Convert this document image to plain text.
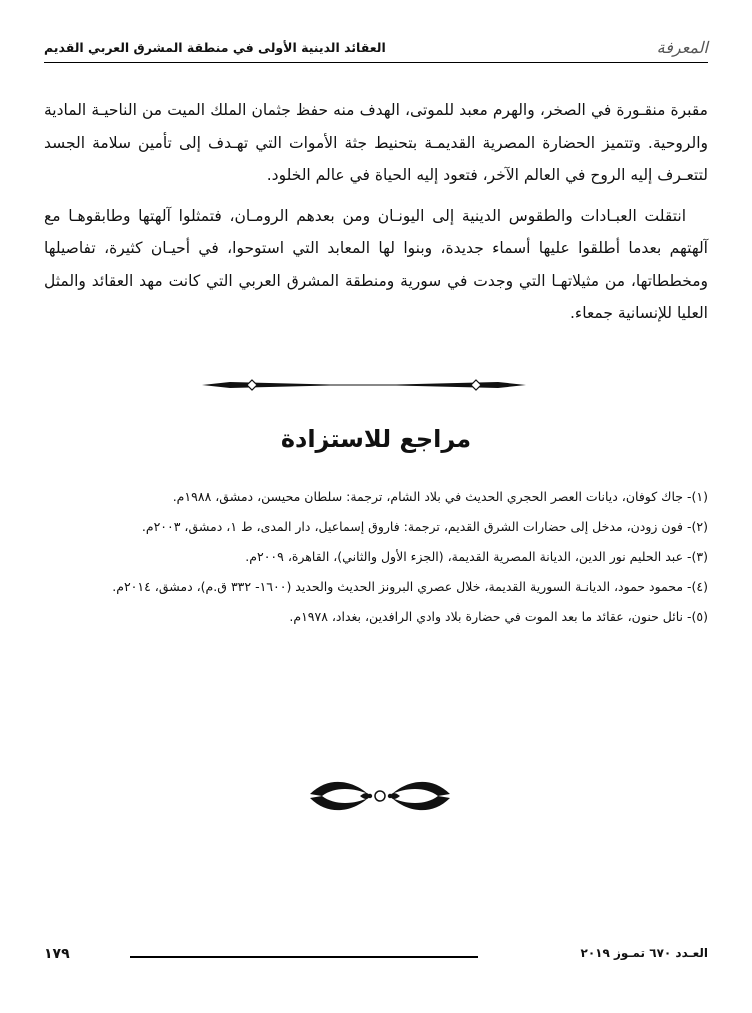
المعرفة
العقائد الدينية الأولى في منطقة المشرق العربي القديم

مقبرة منقـورة في الصخر، والهرم معبد للموتى، الهدف منه حفظ جثمان الملك الميت من الناحيـة المادية والروحية. وتتميز الحضارة المصرية القديمـة بتحنيط جثة الأموات التي تهـدف إلى تأمين سلامة الجسد لتتعـرف إليه الروح في العالم الآخر، فتعود إليه الحياة في عالم الخلود.

انتقلت العبـادات والطقوس الدينية إلى اليونـان ومن بعدهم الرومـان، فتمثلوا آلهتها وطابقوهـا مع آلهتهم بعدما أطلقوا عليها أسماء جديدة، وبنوا لها المعابد التي استوحوا، في أحيـان كثيرة، تفاصيلها ومخططاتها، من مثيلاتهـا التي وجدت في سورية ومنطقة المشرق العربي التي كانت مهد العقائد والمثل العليا للإنسانية جمعاء.

مراجع للاستزادة
(١)- جاك كوفان، ديانات العصر الحجري الحديث في بلاد الشام، ترجمة: سلطان محيسن، دمشق، ١٩٨٨م.
(٢)- فون زودن، مدخل إلى حضارات الشرق القديم، ترجمة: فاروق إسماعيل، دار المدى، ط ١، دمشق، ٢٠٠٣م.
(٣)- عبد الحليم نور الدين، الديانة المصرية القديمة، (الجزء الأول والثاني)، القاهرة، ٢٠٠٩م.
(٤)- محمود حمود، الديانـة السورية القديمة، خلال عصري البرونز الحديث والحديد (١٦٠٠- ٣٣٢ ق.م)، دمشق، ٢٠١٤م.
(٥)- نائل حنون، عقائد ما بعد الموت في حضارة بلاد وادي الرافدين، بغداد، ١٩٧٨م.
١٧٩	العـدد ٦٧٠ تمـوز ٢٠١٩
